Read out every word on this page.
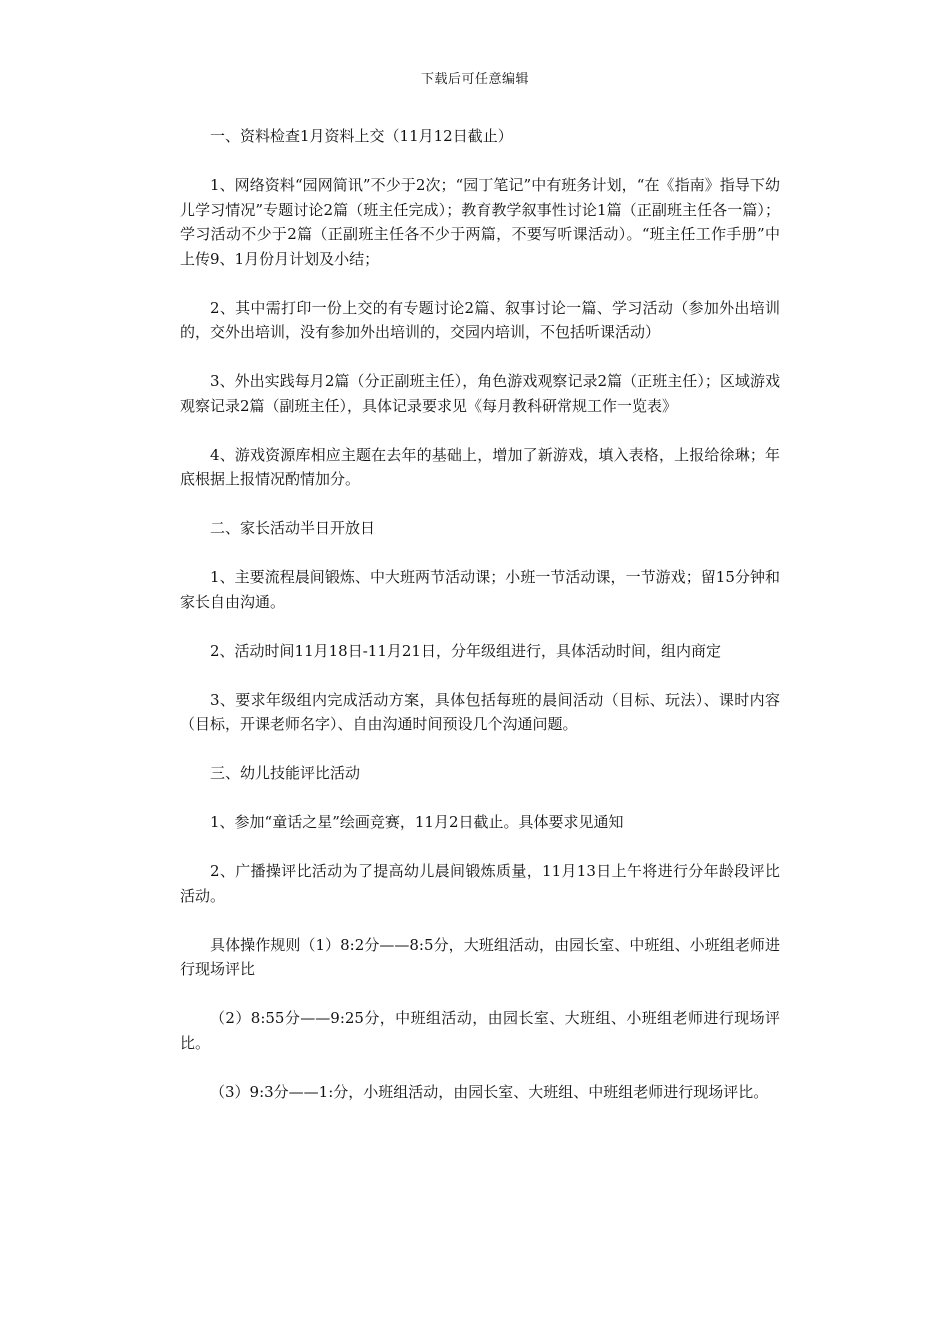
下载后可任意编辑

一、资料检查1月资料上交（11月12日截止）

1、网络资料“园网简讯”不少于2次；“园丁笔记”中有班务计划，“在《指南》指导下幼儿学习情况”专题讨论2篇（班主任完成）；教育教学叙事性讨论1篇（正副班主任各一篇）；学习活动不少于2篇（正副班主任各不少于两篇，不要写听课活动）。“班主任工作手册”中上传9、1月份月计划及小结；

2、其中需打印一份上交的有专题讨论2篇、叙事讨论一篇、学习活动（参加外出培训的，交外出培训，没有参加外出培训的，交园内培训，不包括听课活动）

3、外出实践每月2篇（分正副班主任），角色游戏观察记录2篇（正班主任）；区域游戏观察记录2篇（副班主任），具体记录要求见《每月教科研常规工作一览表》

4、游戏资源库相应主题在去年的基础上，增加了新游戏，填入表格，上报给徐琳；年底根据上报情况酌情加分。

二、家长活动半日开放日

1、主要流程晨间锻炼、中大班两节活动课；小班一节活动课，一节游戏；留15分钟和家长自由沟通。

2、活动时间11月18日-11月21日，分年级组进行，具体活动时间，组内商定

3、要求年级组内完成活动方案，具体包括每班的晨间活动（目标、玩法）、课时内容（目标，开课老师名字）、自由沟通时间预设几个沟通问题。

三、幼儿技能评比活动

1、参加“童话之星”绘画竞赛，11月2日截止。具体要求见通知

2、广播操评比活动为了提高幼儿晨间锻炼质量，11月13日上午将进行分年龄段评比活动。

具体操作规则（1）8:2分——8:5分，大班组活动，由园长室、中班组、小班组老师进行现场评比

（2）8:55分——9:25分，中班组活动，由园长室、大班组、小班组老师进行现场评比。

（3）9:3分——1:分，小班组活动，由园长室、大班组、中班组老师进行现场评比。
